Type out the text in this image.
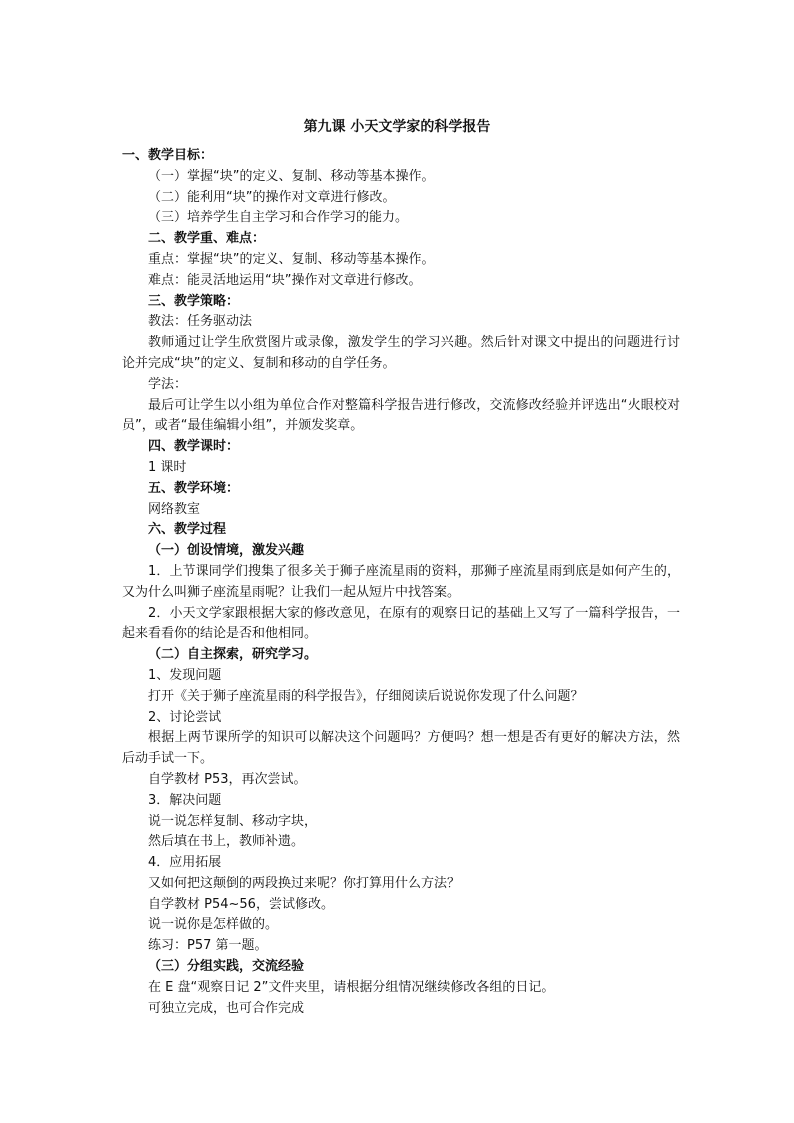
第九课 小天文学家的科学报告
一、教学目标：
（一）掌握“块”的定义、复制、移动等基本操作。
（二）能利用“块”的操作对文章进行修改。
（三）培养学生自主学习和合作学习的能力。
二、教学重、难点：
重点：掌握“块”的定义、复制、移动等基本操作。
难点：能灵活地运用“块”操作对文章进行修改。
三、教学策略：
教法：任务驱动法
教师通过让学生欣赏图片或录像，激发学生的学习兴趣。然后针对课文中提出的问题进行讨论并完成“块”的定义、复制和移动的自学任务。
学法：
最后可让学生以小组为单位合作对整篇科学报告进行修改，交流修改经验并评选出“火眼校对员”，或者“最佳编辑小组”，并颁发奖章。
四、教学课时：
1 课时
五、教学环境：
网络教室
六、教学过程
（一）创设情境，激发兴趣
1．上节课同学们搜集了很多关于狮子座流星雨的资料，那狮子座流星雨到底是如何产生的，又为什么叫狮子座流星雨呢？让我们一起从短片中找答案。
2．小天文学家跟根据大家的修改意见，在原有的观察日记的基础上又写了一篇科学报告，一起来看看你的结论是否和他相同。
（二）自主探索，研究学习。
1、发现问题
打开《关于狮子座流星雨的科学报告》，仔细阅读后说说你发现了什么问题？
2、讨论尝试
根据上两节课所学的知识可以解决这个问题吗？方便吗？想一想是否有更好的解决方法，然后动手试一下。
自学教材 P53，再次尝试。
3．解决问题
说一说怎样复制、移动字块，
然后填在书上，教师补遗。
4．应用拓展
又如何把这颠倒的两段换过来呢？你打算用什么方法？
自学教材 P54~56，尝试修改。
说一说你是怎样做的。
练习：P57 第一题。
（三）分组实践，交流经验
在 E 盘“观察日记 2”文件夹里，请根据分组情况继续修改各组的日记。
可独立完成，也可合作完成
